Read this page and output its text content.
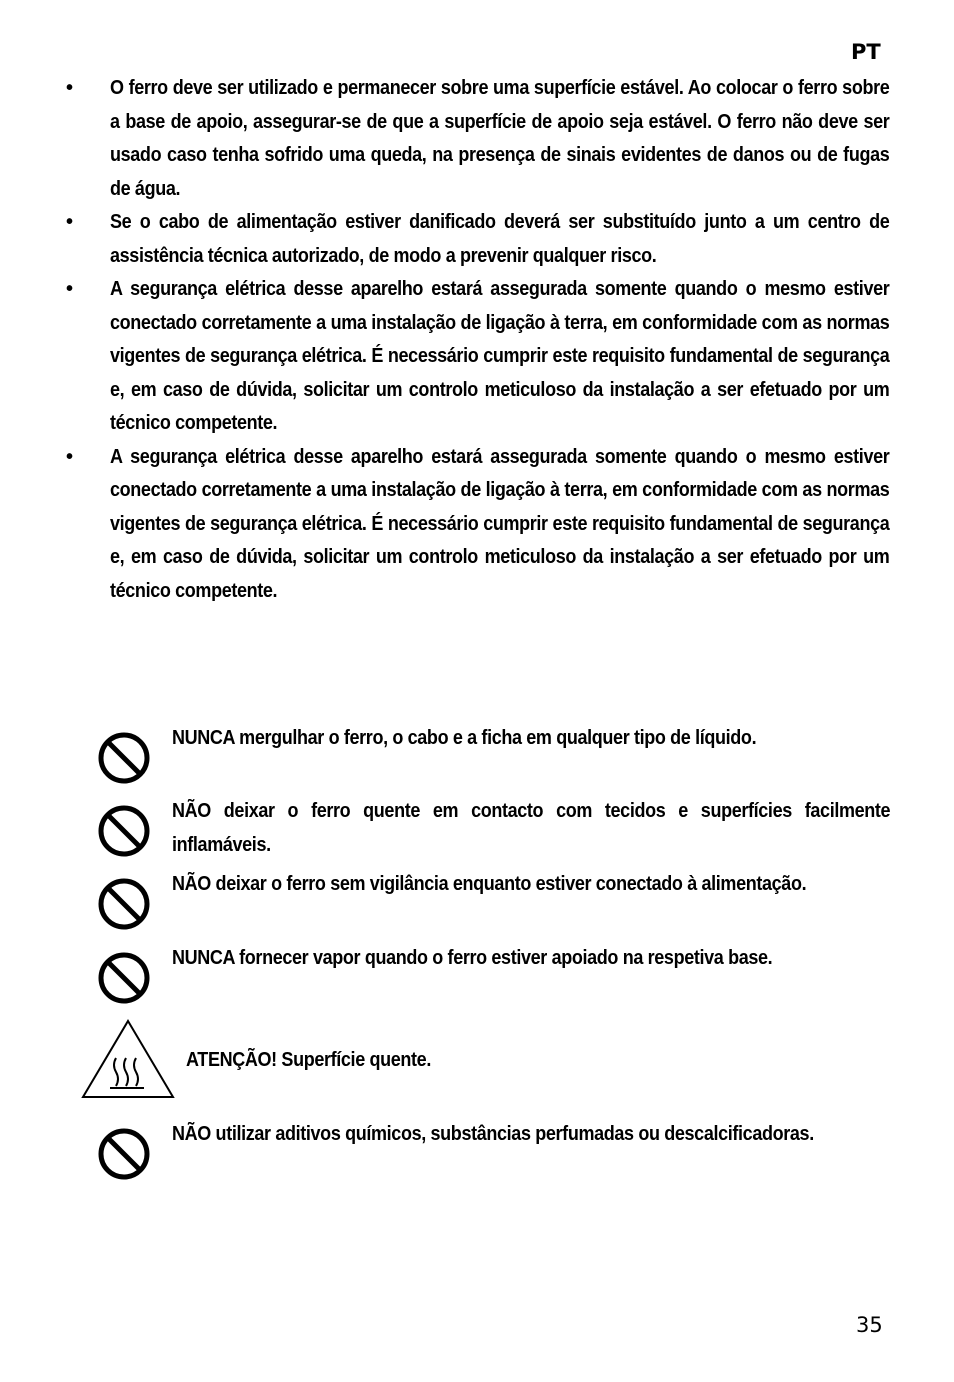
PT
• O ferro deve ser utilizado e permanecer sobre uma superfície estável. Ao colocar o ferro sobre a base de apoio, assegurar-se de que a superfície de apoio seja estável. O ferro não deve ser usado caso tenha sofrido uma queda, na presença de sinais evidentes de danos ou de fugas de água.
• Se o cabo de alimentação estiver danificado deverá ser substituído junto a um centro de assistência técnica autorizado, de modo a prevenir qualquer risco.
• A segurança elétrica desse aparelho estará assegurada somente quando o mesmo estiver conectado corretamente a uma instalação de ligação à terra, em conformidade com as normas vigentes de segurança elétrica. É necessário cumprir este requisito fundamental de segurança e, em caso de dúvida, solicitar um controlo meticuloso da instalação a ser efetuado por um técnico competente.
• A segurança elétrica desse aparelho estará assegurada somente quando o mesmo estiver conectado corretamente a uma instalação de ligação à terra, em conformidade com as normas vigentes de segurança elétrica. É necessário cumprir este requisito fundamental de segurança e, em caso de dúvida, solicitar um controlo meticuloso da instalação a ser efetuado por um técnico competente.
NUNCA mergulhar o ferro, o cabo e a ficha em qualquer tipo de líquido.
NÃO deixar o ferro quente em contacto com tecidos e superfícies facilmente inflamáveis.
NÃO deixar o ferro sem vigilância enquanto estiver conectado à alimentação.
NUNCA fornecer vapor quando o ferro estiver apoiado na respetiva base.
ATENÇÃO! Superfície quente.
NÃO utilizar aditivos químicos, substâncias perfumadas ou descalcificadoras.
35
